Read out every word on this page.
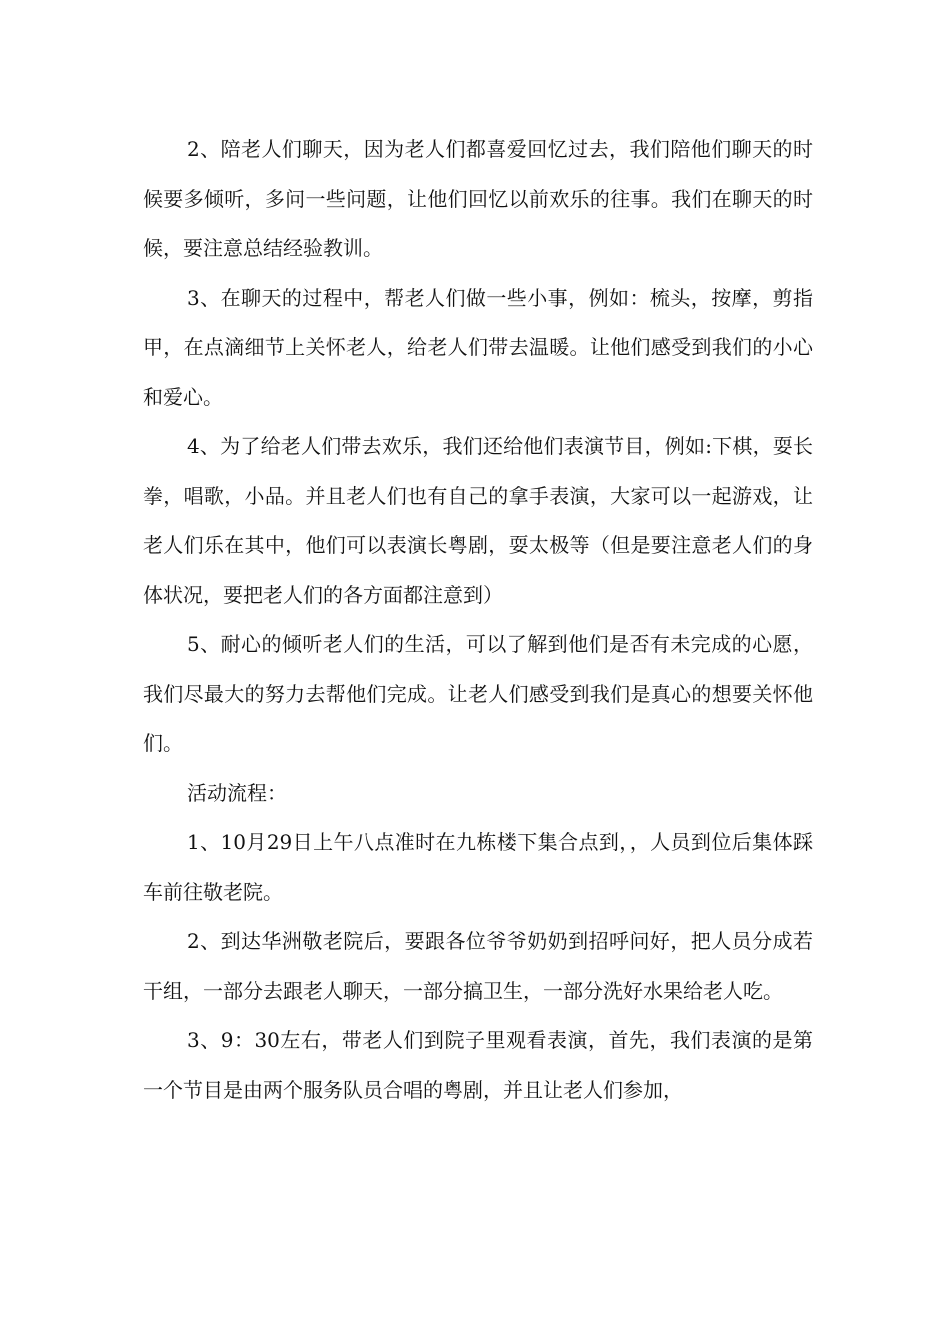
2、陪老人们聊天，因为老人们都喜爱回忆过去，我们陪他们聊天的时候要多倾听，多问一些问题，让他们回忆以前欢乐的往事。我们在聊天的时候，要注意总结经验教训。

3、在聊天的过程中，帮老人们做一些小事，例如：梳头，按摩，剪指甲，在点滴细节上关怀老人，给老人们带去温暖。让他们感受到我们的小心和爱心。

4、为了给老人们带去欢乐，我们还给他们表演节目，例如:下棋，耍长拳，唱歌，小品。并且老人们也有自己的拿手表演，大家可以一起游戏，让老人们乐在其中，他们可以表演长粤剧，耍太极等（但是要注意老人们的身体状况，要把老人们的各方面都注意到）

5、耐心的倾听老人们的生活，可以了解到他们是否有未完成的心愿，我们尽最大的努力去帮他们完成。让老人们感受到我们是真心的想要关怀他们。

活动流程：

1、10月29日上午八点准时在九栋楼下集合点到，，人员到位后集体踩车前往敬老院。

2、到达华洲敬老院后，要跟各位爷爷奶奶到招呼问好，把人员分成若干组，一部分去跟老人聊天，一部分搞卫生，一部分洗好水果给老人吃。

3、9：30左右，带老人们到院子里观看表演，首先，我们表演的是第一个节目是由两个服务队员合唱的粤剧，并且让老人们参加，
